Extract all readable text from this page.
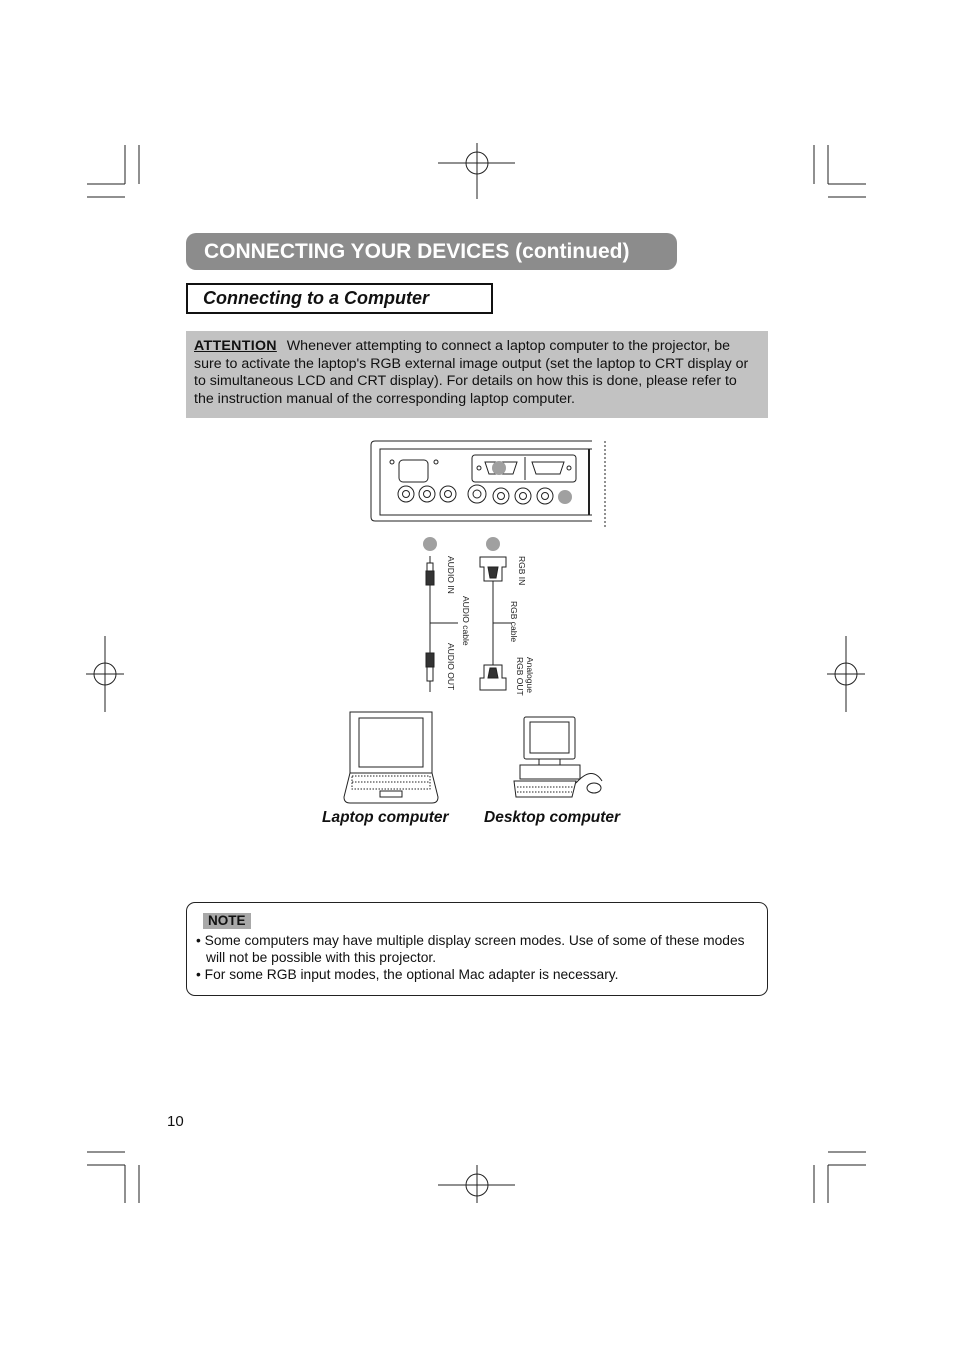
CONNECTING YOUR DEVICES (continued)
Connecting to a Computer
ATTENTION Whenever attempting to connect a laptop computer to the projector, be sure to activate the laptop's RGB external image output (set the laptop to CRT display or to simultaneous LCD and CRT display). For details on how this is done, please refer to the instruction manual of the corresponding laptop computer.
AUDIO IN
AUDIO cable
AUDIO OUT
RGB IN
RGB cable
Analogue
RGB OUT
Laptop computer Desktop computer
NOTE
• Some computers may have multiple display screen modes. Use of some of these modes will not be possible with this projector.
• For some RGB input modes, the optional Mac adapter is necessary.
10
